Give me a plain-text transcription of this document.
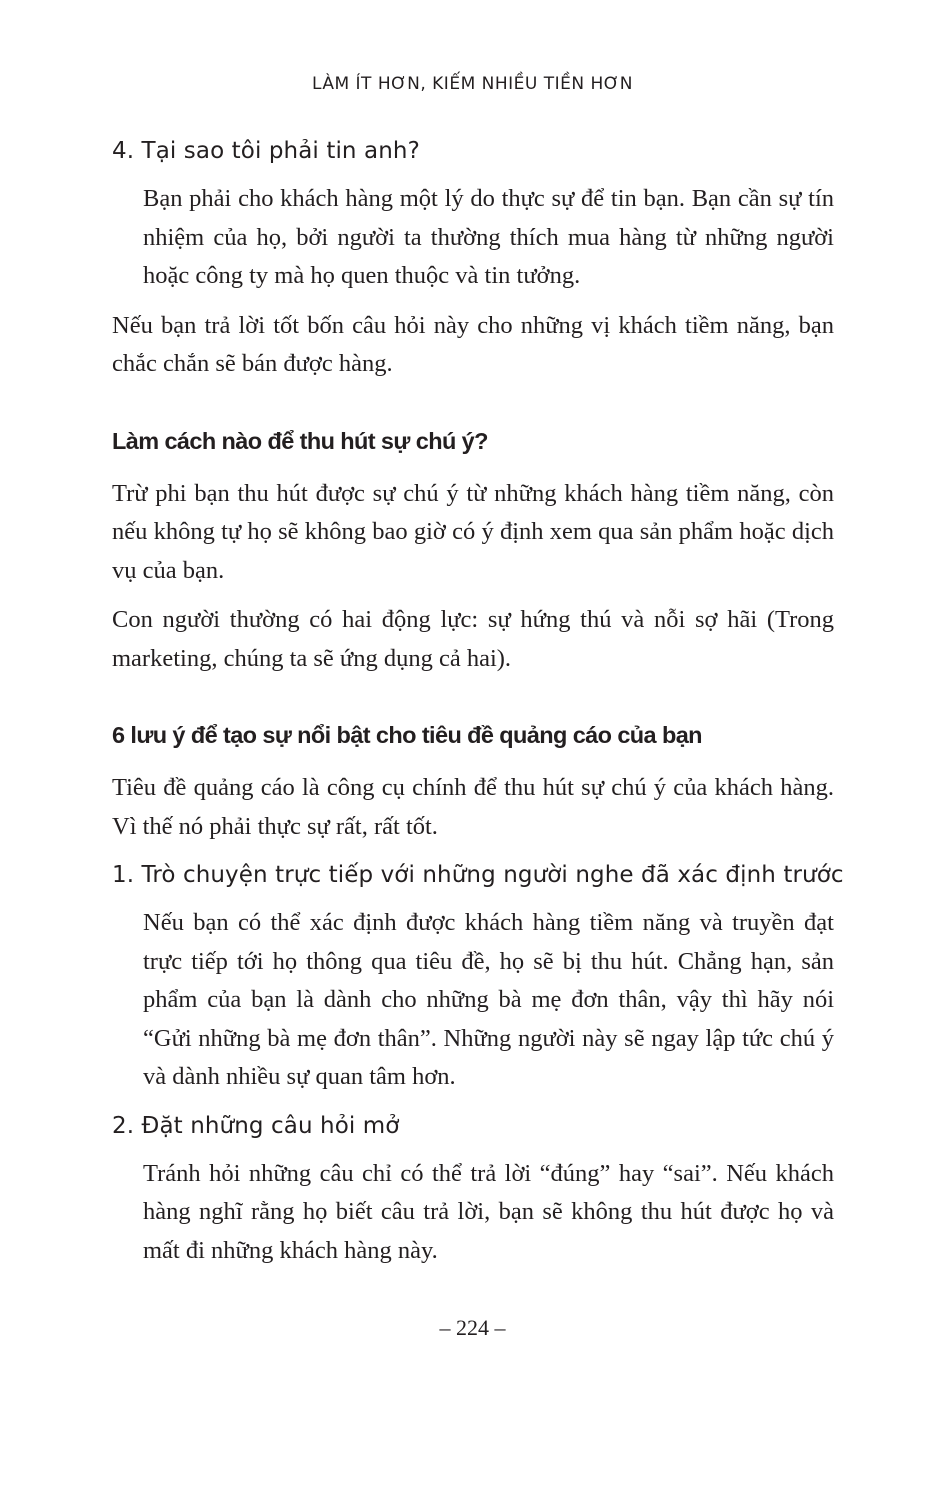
LÀM ÍT HƠN, KIẾM NHIỀU TIỀN HƠN
4. Tại sao tôi phải tin anh?

Bạn phải cho khách hàng một lý do thực sự để tin bạn. Bạn cần sự tín nhiệm của họ, bởi người ta thường thích mua hàng từ những người hoặc công ty mà họ quen thuộc và tin tưởng.

Nếu bạn trả lời tốt bốn câu hỏi này cho những vị khách tiềm năng, bạn chắc chắn sẽ bán được hàng.

Làm cách nào để thu hút sự chú ý?

Trừ phi bạn thu hút được sự chú ý từ những khách hàng tiềm năng, còn nếu không tự họ sẽ không bao giờ có ý định xem qua sản phẩm hoặc dịch vụ của bạn.

Con người thường có hai động lực: sự hứng thú và nỗi sợ hãi (Trong marketing, chúng ta sẽ ứng dụng cả hai).

6 lưu ý để tạo sự nổi bật cho tiêu đề quảng cáo của bạn

Tiêu đề quảng cáo là công cụ chính để thu hút sự chú ý của khách hàng. Vì thế nó phải thực sự rất, rất tốt.

1. Trò chuyện trực tiếp với những người nghe đã xác định trước

Nếu bạn có thể xác định được khách hàng tiềm năng và truyền đạt trực tiếp tới họ thông qua tiêu đề, họ sẽ bị thu hút. Chẳng hạn, sản phẩm của bạn là dành cho những bà mẹ đơn thân, vậy thì hãy nói “Gửi những bà mẹ đơn thân”. Những người này sẽ ngay lập tức chú ý và dành nhiều sự quan tâm hơn.

2. Đặt những câu hỏi mở

Tránh hỏi những câu chỉ có thể trả lời “đúng” hay “sai”. Nếu khách hàng nghĩ rằng họ biết câu trả lời, bạn sẽ không thu hút được họ và mất đi những khách hàng này.

– 224 –
